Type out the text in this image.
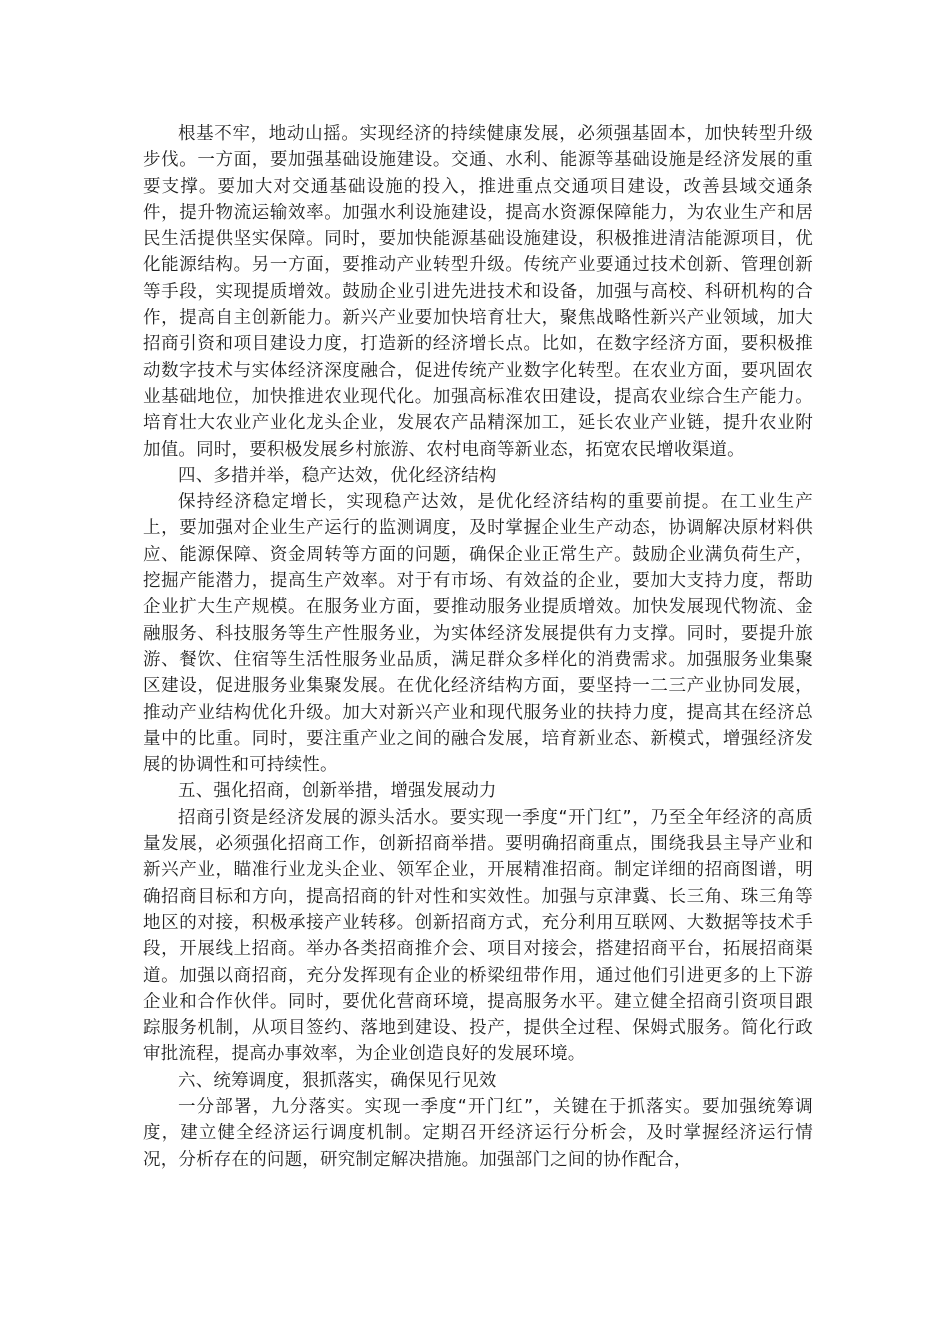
根基不牢，地动山摇。实现经济的持续健康发展，必须强基固本，加快转型升级步伐。一方面，要加强基础设施建设。交通、水利、能源等基础设施是经济发展的重要支撑。要加大对交通基础设施的投入，推进重点交通项目建设，改善县域交通条件，提升物流运输效率。加强水利设施建设，提高水资源保障能力，为农业生产和居民生活提供坚实保障。同时，要加快能源基础设施建设，积极推进清洁能源项目，优化能源结构。另一方面，要推动产业转型升级。传统产业要通过技术创新、管理创新等手段，实现提质增效。鼓励企业引进先进技术和设备，加强与高校、科研机构的合作，提高自主创新能力。新兴产业要加快培育壮大，聚焦战略性新兴产业领域，加大招商引资和项目建设力度，打造新的经济增长点。比如，在数字经济方面，要积极推动数字技术与实体经济深度融合，促进传统产业数字化转型。在农业方面，要巩固农业基础地位，加快推进农业现代化。加强高标准农田建设，提高农业综合生产能力。培育壮大农业产业化龙头企业，发展农产品精深加工，延长农业产业链，提升农业附加值。同时，要积极发展乡村旅游、农村电商等新业态，拓宽农民增收渠道。

四、多措并举，稳产达效，优化经济结构

保持经济稳定增长，实现稳产达效，是优化经济结构的重要前提。在工业生产上，要加强对企业生产运行的监测调度，及时掌握企业生产动态，协调解决原材料供应、能源保障、资金周转等方面的问题，确保企业正常生产。鼓励企业满负荷生产，挖掘产能潜力，提高生产效率。对于有市场、有效益的企业，要加大支持力度，帮助企业扩大生产规模。在服务业方面，要推动服务业提质增效。加快发展现代物流、金融服务、科技服务等生产性服务业，为实体经济发展提供有力支撑。同时，要提升旅游、餐饮、住宿等生活性服务业品质，满足群众多样化的消费需求。加强服务业集聚区建设，促进服务业集聚发展。在优化经济结构方面，要坚持一二三产业协同发展，推动产业结构优化升级。加大对新兴产业和现代服务业的扶持力度，提高其在经济总量中的比重。同时，要注重产业之间的融合发展，培育新业态、新模式，增强经济发展的协调性和可持续性。

五、强化招商，创新举措，增强发展动力

招商引资是经济发展的源头活水。要实现一季度“开门红”，乃至全年经济的高质量发展，必须强化招商工作，创新招商举措。要明确招商重点，围绕我县主导产业和新兴产业，瞄准行业龙头企业、领军企业，开展精准招商。制定详细的招商图谱，明确招商目标和方向，提高招商的针对性和实效性。加强与京津冀、长三角、珠三角等地区的对接，积极承接产业转移。创新招商方式，充分利用互联网、大数据等技术手段，开展线上招商。举办各类招商推介会、项目对接会，搭建招商平台，拓展招商渠道。加强以商招商，充分发挥现有企业的桥梁纽带作用，通过他们引进更多的上下游企业和合作伙伴。同时，要优化营商环境，提高服务水平。建立健全招商引资项目跟踪服务机制，从项目签约、落地到建设、投产，提供全过程、保姆式服务。简化行政审批流程，提高办事效率，为企业创造良好的发展环境。

六、统筹调度，狠抓落实，确保见行见效

一分部署，九分落实。实现一季度“开门红”，关键在于抓落实。要加强统筹调度，建立健全经济运行调度机制。定期召开经济运行分析会，及时掌握经济运行情况，分析存在的问题，研究制定解决措施。加强部门之间的协作配合，
